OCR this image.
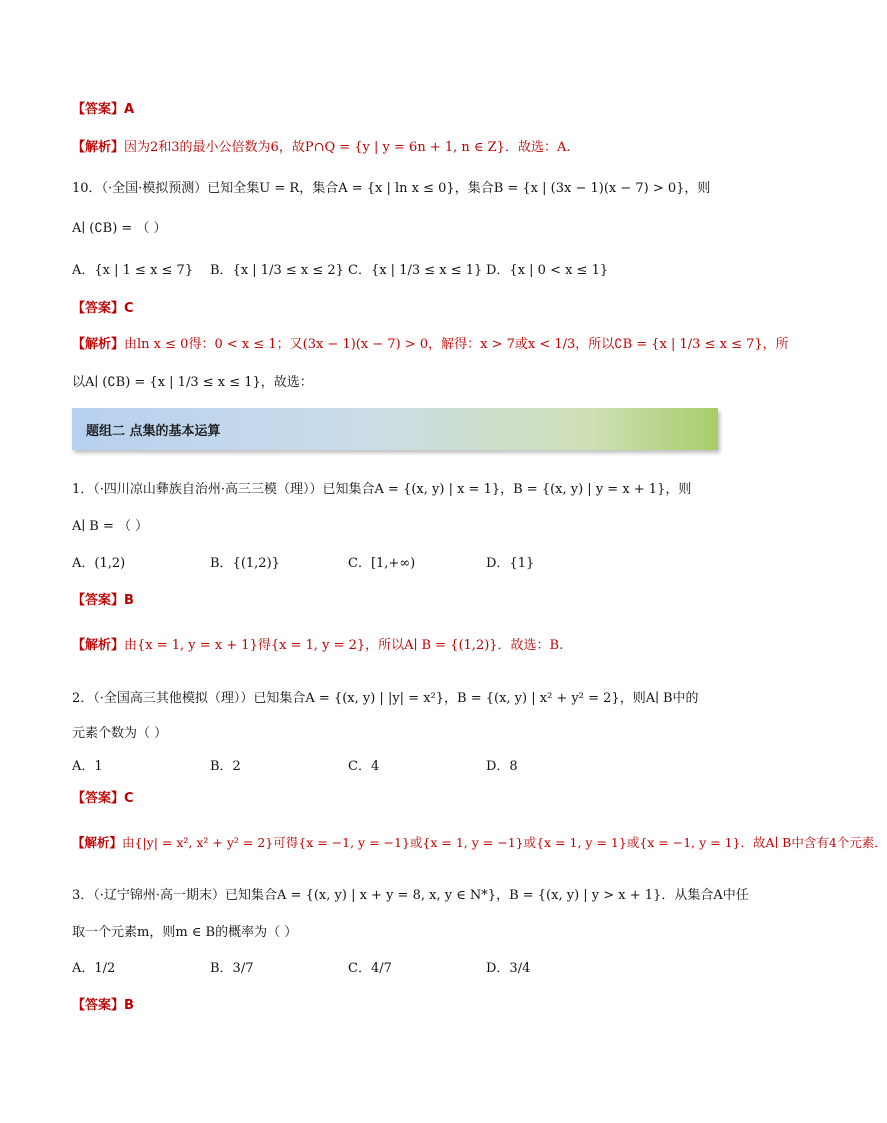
【答案】A
【解析】因为2和3的最小公倍数为6，故P∩Q = {y | y = 6n + 1, n ∈ Z}．故选：A.
10．（·全国·模拟预测）已知全集U = R，集合A = {x | ln x ≤ 0}，集合B = {x | (3x − 1)(x − 7) > 0}，则
A∣ (∁B) = （ ）
A．{x | 1 ≤ x ≤ 7} B．{x | 1/3 ≤ x ≤ 2} C．{x | 1/3 ≤ x ≤ 1} D．{x | 0 < x ≤ 1}
【答案】C
【解析】由ln x ≤ 0得：0 < x ≤ 1；又(3x − 1)(x − 7) > 0，解得：x > 7或x < 1/3，所以∁B = {x | 1/3 ≤ x ≤ 7}，所
以A∣ (∁B) = {x | 1/3 ≤ x ≤ 1}，故选：
题组二 点集的基本运算
1．（·四川凉山彝族自治州·高三三模（理））已知集合A = {(x, y) | x = 1}，B = {(x, y) | y = x + 1}，则
A∣ B = （ ）
A．(1,2)	B．{(1,2)}	C．[1,+∞)	D．{1}
【答案】B
【解析】由{x = 1, y = x + 1}得{x = 1, y = 2}，所以A∣ B = {(1,2)}．故选：B.
2．（·全国高三其他模拟（理））已知集合A = {(x, y) | |y| = x²}，B = {(x, y) | x² + y² = 2}，则A∣ B中的
元素个数为（ ）
A．1	B．2	C．4	D．8
【答案】C
【解析】由{|y| = x², x² + y² = 2}可得{x = −1, y = −1}或{x = 1, y = −1}或{x = 1, y = 1}或{x = −1, y = 1}．故A∣ B中含有4个元素．
3．（·辽宁锦州·高一期末）已知集合A = {(x, y) | x + y = 8, x, y ∈ N*}，B = {(x, y) | y > x + 1}．从集合A中任
取一个元素m，则m ∈ B的概率为（ ）
A．1/2	B．3/7	C．4/7	D．3/4
【答案】B
